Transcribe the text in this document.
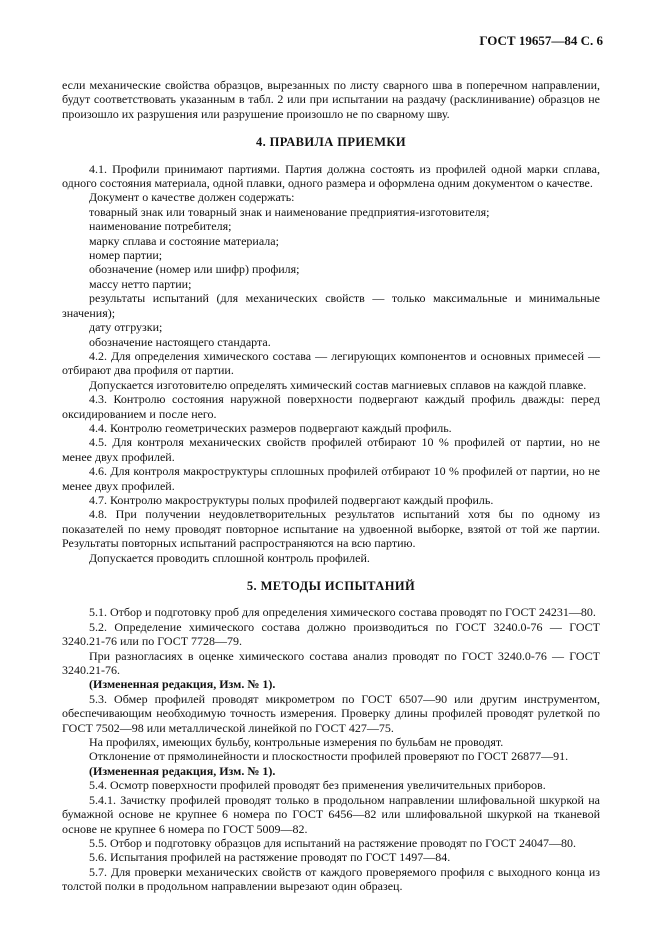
ГОСТ 19657—84 С. 6

если механические свойства образцов, вырезанных по листу сварного шва в поперечном направлении, будут соответствовать указанным в табл. 2 или при испытании на раздачу (расклинивание) образцов не произошло их разрушения или разрушение произошло не по сварному шву.

4. ПРАВИЛА ПРИЕМКИ

4.1. Профили принимают партиями. Партия должна состоять из профилей одной марки сплава, одного состояния материала, одной плавки, одного размера и оформлена одним документом о качестве.

Документ о качестве должен содержать:

товарный знак или товарный знак и наименование предприятия-изготовителя;

наименование потребителя;

марку сплава и состояние материала;

номер партии;

обозначение (номер или шифр) профиля;

массу нетто партии;

результаты испытаний (для механических свойств — только максимальные и минимальные значения);

дату отгрузки;

обозначение настоящего стандарта.

4.2. Для определения химического состава — легирующих компонентов и основных примесей — отбирают два профиля от партии.

Допускается изготовителю определять химический состав магниевых сплавов на каждой плавке.

4.3. Контролю состояния наружной поверхности подвергают каждый профиль дважды: перед оксидированием и после него.

4.4. Контролю геометрических размеров подвергают каждый профиль.

4.5. Для контроля механических свойств профилей отбирают 10 % профилей от партии, но не менее двух профилей.

4.6. Для контроля макроструктуры сплошных профилей отбирают 10 % профилей от партии, но не менее двух профилей.

4.7. Контролю макроструктуры полых профилей подвергают каждый профиль.

4.8. При получении неудовлетворительных результатов испытаний хотя бы по одному из показателей по нему проводят повторное испытание на удвоенной выборке, взятой от той же партии. Результаты повторных испытаний распространяются на всю партию.

Допускается проводить сплошной контроль профилей.

5. МЕТОДЫ ИСПЫТАНИЙ

5.1. Отбор и подготовку проб для определения химического состава проводят по ГОСТ 24231—80.

5.2. Определение химического состава должно производиться по ГОСТ 3240.0-76 — ГОСТ 3240.21-76 или по ГОСТ 7728—79.

При разногласиях в оценке химического состава анализ проводят по ГОСТ 3240.0-76 — ГОСТ 3240.21-76.

(Измененная редакция, Изм. № 1).

5.3. Обмер профилей проводят микрометром по ГОСТ 6507—90 или другим инструментом, обеспечивающим необходимую точность измерения. Проверку длины профилей проводят рулеткой по ГОСТ 7502—98 или металлической линейкой по ГОСТ 427—75.

На профилях, имеющих бульбу, контрольные измерения по бульбам не проводят.

Отклонение от прямолинейности и плоскостности профилей проверяют по ГОСТ 26877—91.

(Измененная редакция, Изм. № 1).

5.4. Осмотр поверхности профилей проводят без применения увеличительных приборов.

5.4.1. Зачистку профилей проводят только в продольном направлении шлифовальной шкуркой на бумажной основе не крупнее 6 номера по ГОСТ 6456—82 или шлифовальной шкуркой на тканевой основе не крупнее 6 номера по ГОСТ 5009—82.

5.5. Отбор и подготовку образцов для испытаний на растяжение проводят по ГОСТ 24047—80.

5.6. Испытания профилей на растяжение проводят по ГОСТ 1497—84.

5.7. Для проверки механических свойств от каждого проверяемого профиля с выходного конца из толстой полки в продольном направлении вырезают один образец.
